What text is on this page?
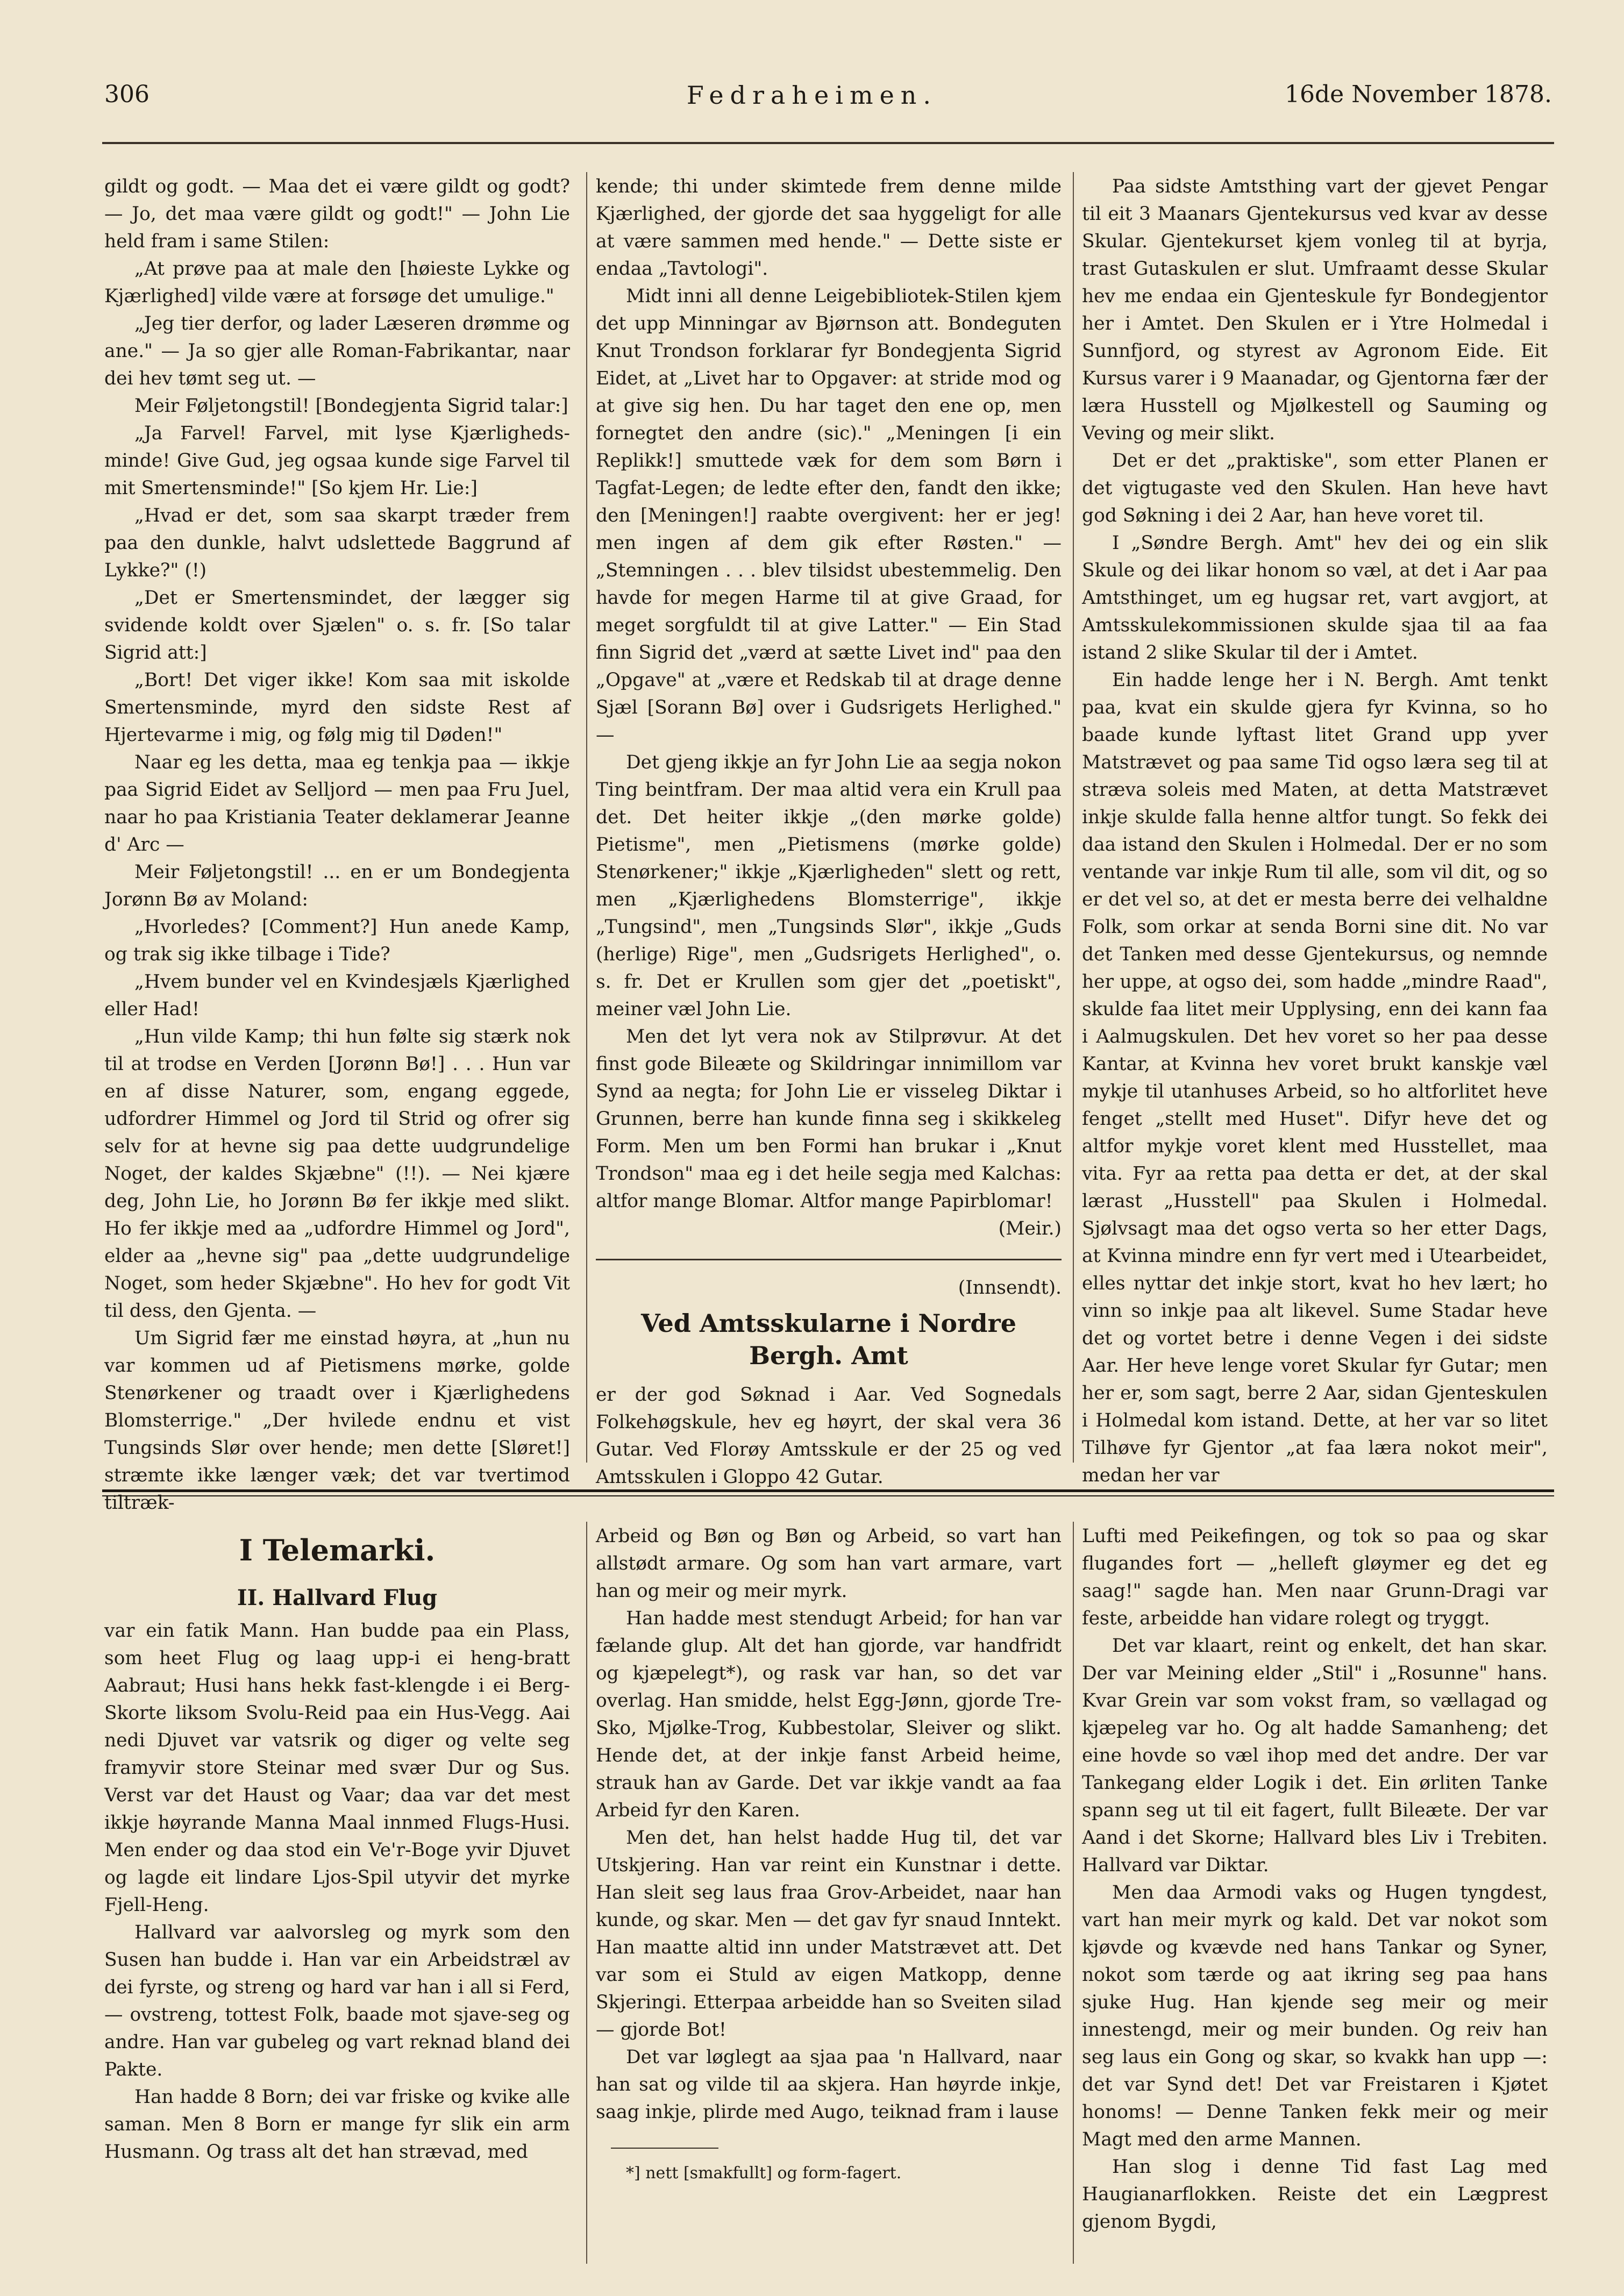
Fedraheimen.
306	16de November 1878.

gildt og godt. — Maa det ei være gildt og godt? — Jo, det maa være gildt og godt!" — John Lie held fram i same Stilen:

„At prøve paa at male den [høieste Lykke og Kjærlighed] vilde være at forsøge det umulige."

„Jeg tier derfor, og lader Læseren drømme og ane." — Ja so gjer alle Roman-Fabrikantar, naar dei hev tømt seg ut. —

Meir Føljetongstil! [Bondegjenta Sigrid talar:]

„Ja Farvel! Farvel, mit lyse Kjærligheds-minde! Give Gud, jeg ogsaa kunde sige Farvel til mit Smertensminde!" [So kjem Hr. Lie:]

„Hvad er det, som saa skarpt træder frem paa den dunkle, halvt udslettede Baggrund af Lykke?" (!)

„Det er Smertensmindet, der lægger sig svidende koldt over Sjælen" o. s. fr. [So talar Sigrid att:]

„Bort! Det viger ikke! Kom saa mit iskolde Smertensminde, myrd den sidste Rest af Hjertevarme i mig, og følg mig til Døden!"

Naar eg les detta, maa eg tenkja paa — ikkje paa Sigrid Eidet av Selljord — men paa Fru Juel, naar ho paa Kristiania Teater deklamerar Jeanne d' Arc —

Meir Føljetongstil! ... en er um Bondegjenta Jorønn Bø av Moland:

„Hvorledes? [Comment?] Hun anede Kamp, og trak sig ikke tilbage i Tide?

„Hvem bunder vel en Kvindesjæls Kjærlighed eller Had!

„Hun vilde Kamp; thi hun følte sig stærk nok til at trodse en Verden [Jorønn Bø!] . . . Hun var en af disse Naturer, som, engang eggede, udfordrer Himmel og Jord til Strid og ofrer sig selv for at hevne sig paa dette uudgrundelige Noget, der kaldes Skjæbne" (!!). — Nei kjære deg, John Lie, ho Jorønn Bø fer ikkje med slikt. Ho fer ikkje med aa „udfordre Himmel og Jord", elder aa „hevne sig" paa „dette uudgrundelige Noget, som heder Skjæbne". Ho hev for godt Vit til dess, den Gjenta. —

Um Sigrid fær me einstad høyra, at „hun nu var kommen ud af Pietismens mørke, golde Stenørkener og traadt over i Kjærlighedens Blomsterrige." „Der hvilede endnu et vist Tungsinds Slør over hende; men dette [Sløret!] stræmte ikke længer væk; det var tvertimod tiltræk-

kende; thi under skimtede frem denne milde Kjærlighed, der gjorde det saa hyggeligt for alle at være sammen med hende." — Dette siste er endaa „Tavtologi".

Midt inni all denne Leigebibliotek-Stilen kjem det upp Minningar av Bjørnson att. Bondeguten Knut Trondson forklarar fyr Bondegjenta Sigrid Eidet, at „Livet har to Opgaver: at stride mod og at give sig hen. Du har taget den ene op, men fornegtet den andre (sic)." „Meningen [i ein Replikk!] smuttede væk for dem som Børn i Tagfat-Legen; de ledte efter den, fandt den ikke; den [Meningen!] raabte overgivent: her er jeg! men ingen af dem gik efter Røsten." — „Stemningen . . . blev tilsidst ubestemmelig. Den havde for megen Harme til at give Graad, for meget sorgfuldt til at give Latter." — Ein Stad finn Sigrid det „værd at sætte Livet ind" paa den „Opgave" at „være et Redskab til at drage denne Sjæl [Sorann Bø] over i Gudsrigets Herlighed." —

Det gjeng ikkje an fyr John Lie aa segja nokon Ting beintfram. Der maa altid vera ein Krull paa det. Det heiter ikkje „(den mørke golde) Pietisme", men „Pietismens (mørke golde) Stenørkener;" ikkje „Kjærligheden" slett og rett, men „Kjærlighedens Blomsterrige", ikkje „Tungsind", men „Tungsinds Slør", ikkje „Guds (herlige) Rige", men „Gudsrigets Herlighed", o. s. fr. Det er Krullen som gjer det „poetiskt", meiner væl John Lie.

Men det lyt vera nok av Stilprøvur. At det finst gode Bileæte og Skildringar innimillom var Synd aa negta; for John Lie er visseleg Diktar i Grunnen, berre han kunde finna seg i skikkeleg Form. Men um ben Formi han brukar i „Knut Trondson" maa eg i det heile segja med Kalchas: altfor mange Blomar. Altfor mange Papirblomar!

(Meir.)

(Innsendt).

Ved Amtsskularne i Nordre Bergh. Amt

er der god Søknad i Aar. Ved Sognedals Folkehøgskule, hev eg høyrt, der skal vera 36 Gutar. Ved Florøy Amtsskule er der 25 og ved Amtsskulen i Gloppo 42 Gutar.

Paa sidste Amtsthing vart der gjevet Pengar til eit 3 Maanars Gjentekursus ved kvar av desse Skular. Gjentekurset kjem vonleg til at byrja, trast Gutaskulen er slut. Umfraamt desse Skular hev me endaa ein Gjenteskule fyr Bondegjentor her i Amtet. Den Skulen er i Ytre Holmedal i Sunnfjord, og styrest av Agronom Eide. Eit Kursus varer i 9 Maanadar, og Gjentorna fær der læra Husstell og Mjølkestell og Sauming og Veving og meir slikt.

Det er det „praktiske", som etter Planen er det vigtugaste ved den Skulen. Han heve havt god Søkning i dei 2 Aar, han heve voret til.

I „Søndre Bergh. Amt" hev dei og ein slik Skule og dei likar honom so væl, at det i Aar paa Amtsthinget, um eg hugsar ret, vart avgjort, at Amtsskulekommissionen skulde sjaa til aa faa istand 2 slike Skular til der i Amtet.

Ein hadde lenge her i N. Bergh. Amt tenkt paa, kvat ein skulde gjera fyr Kvinna, so ho baade kunde lyftast litet Grand upp yver Matstrævet og paa same Tid ogso læra seg til at stræva soleis med Maten, at detta Matstrævet inkje skulde falla henne altfor tungt. So fekk dei daa istand den Skulen i Holmedal. Der er no som ventande var inkje Rum til alle, som vil dit, og so er det vel so, at det er mesta berre dei velhaldne Folk, som orkar at senda Borni sine dit. No var det Tanken med desse Gjentekursus, og nemnde her uppe, at ogso dei, som hadde „mindre Raad", skulde faa litet meir Upplysing, enn dei kann faa i Aalmugskulen. Det hev voret so her paa desse Kantar, at Kvinna hev voret brukt kanskje væl mykje til utanhuses Arbeid, so ho altforlitet heve fenget „stellt med Huset". Difyr heve det og altfor mykje voret klent med Husstellet, maa vita. Fyr aa retta paa detta er det, at der skal lærast „Husstell" paa Skulen i Holmedal. Sjølvsagt maa det ogso verta so her etter Dags, at Kvinna mindre enn fyr vert med i Utearbeidet, elles nyttar det inkje stort, kvat ho hev lært; ho vinn so inkje paa alt likevel. Sume Stadar heve det og vortet betre i denne Vegen i dei sidste Aar. Her heve lenge voret Skular fyr Gutar; men her er, som sagt, berre 2 Aar, sidan Gjenteskulen i Holmedal kom istand. Dette, at her var so litet Tilhøve fyr Gjentor „at faa læra nokot meir", medan her var

I Telemarki.
II. Hallvard Flug

var ein fatik Mann. Han budde paa ein Plass, som heet Flug og laag upp-i ei heng-bratt Aabraut; Husi hans hekk fast-klengde i ei Berg-Skorte liksom Svolu-Reid paa ein Hus-Vegg. Aai nedi Djuvet var vatsrik og diger og velte seg framyvir store Steinar med svær Dur og Sus. Verst var det Haust og Vaar; daa var det mest ikkje høyrande Manna Maal innmed Flugs-Husi. Men ender og daa stod ein Ve'r-Boge yvir Djuvet og lagde eit lindare Ljos-Spil utyvir det myrke Fjell-Heng.

Hallvard var aalvorsleg og myrk som den Susen han budde i. Han var ein Arbeidstræl av dei fyrste, og streng og hard var han i all si Ferd, — ovstreng, tottest Folk, baade mot sjave-seg og andre. Han var gubeleg og vart reknad bland dei Pakte.

Han hadde 8 Born; dei var friske og kvike alle saman. Men 8 Born er mange fyr slik ein arm Husmann. Og trass alt det han strævad, med

Arbeid og Bøn og Bøn og Arbeid, so vart han allstødt armare. Og som han vart armare, vart han og meir og meir myrk.

Han hadde mest stendugt Arbeid; for han var fælande glup. Alt det han gjorde, var handfridt og kjæpelegt*), og rask var han, so det var overlag. Han smidde, helst Egg-Jønn, gjorde Tre-Sko, Mjølke-Trog, Kubbestolar, Sleiver og slikt. Hende det, at der inkje fanst Arbeid heime, strauk han av Garde. Det var ikkje vandt aa faa Arbeid fyr den Karen.

Men det, han helst hadde Hug til, det var Utskjering. Han var reint ein Kunstnar i dette. Han sleit seg laus fraa Grov-Arbeidet, naar han kunde, og skar. Men — det gav fyr snaud Inntekt. Han maatte altid inn under Matstrævet att. Det var som ei Stuld av eigen Matkopp, denne Skjeringi. Etterpaa arbeidde han so Sveiten silad — gjorde Bot!

Det var løglegt aa sjaa paa 'n Hallvard, naar han sat og vilde til aa skjera. Han høyrde inkje, saag inkje, plirde med Augo, teiknad fram i lause

*] nett [smakfullt] og form-fagert.

Lufti med Peikefingen, og tok so paa og skar flugandes fort — „helleft gløymer eg det eg saag!" sagde han. Men naar Grunn-Dragi var feste, arbeidde han vidare rolegt og tryggt.

Det var klaart, reint og enkelt, det han skar. Der var Meining elder „Stil" i „Rosunne" hans. Kvar Grein var som vokst fram, so vællagad og kjæpeleg var ho. Og alt hadde Samanheng; det eine hovde so væl ihop med det andre. Der var Tankegang elder Logik i det. Ein ørliten Tanke spann seg ut til eit fagert, fullt Bileæte. Der var Aand i det Skorne; Hallvard bles Liv i Trebiten. Hallvard var Diktar.

Men daa Armodi vaks og Hugen tyngdest, vart han meir myrk og kald. Det var nokot som kjøvde og kvævde ned hans Tankar og Syner, nokot som tærde og aat ikring seg paa hans sjuke Hug. Han kjende seg meir og meir innestengd, meir og meir bunden. Og reiv han seg laus ein Gong og skar, so kvakk han upp —: det var Synd det! Det var Freistaren i Kjøtet honoms! — Denne Tanken fekk meir og meir Magt med den arme Mannen.

Han slog i denne Tid fast Lag med Haugianarflokken. Reiste det ein Lægprest gjenom Bygdi,
